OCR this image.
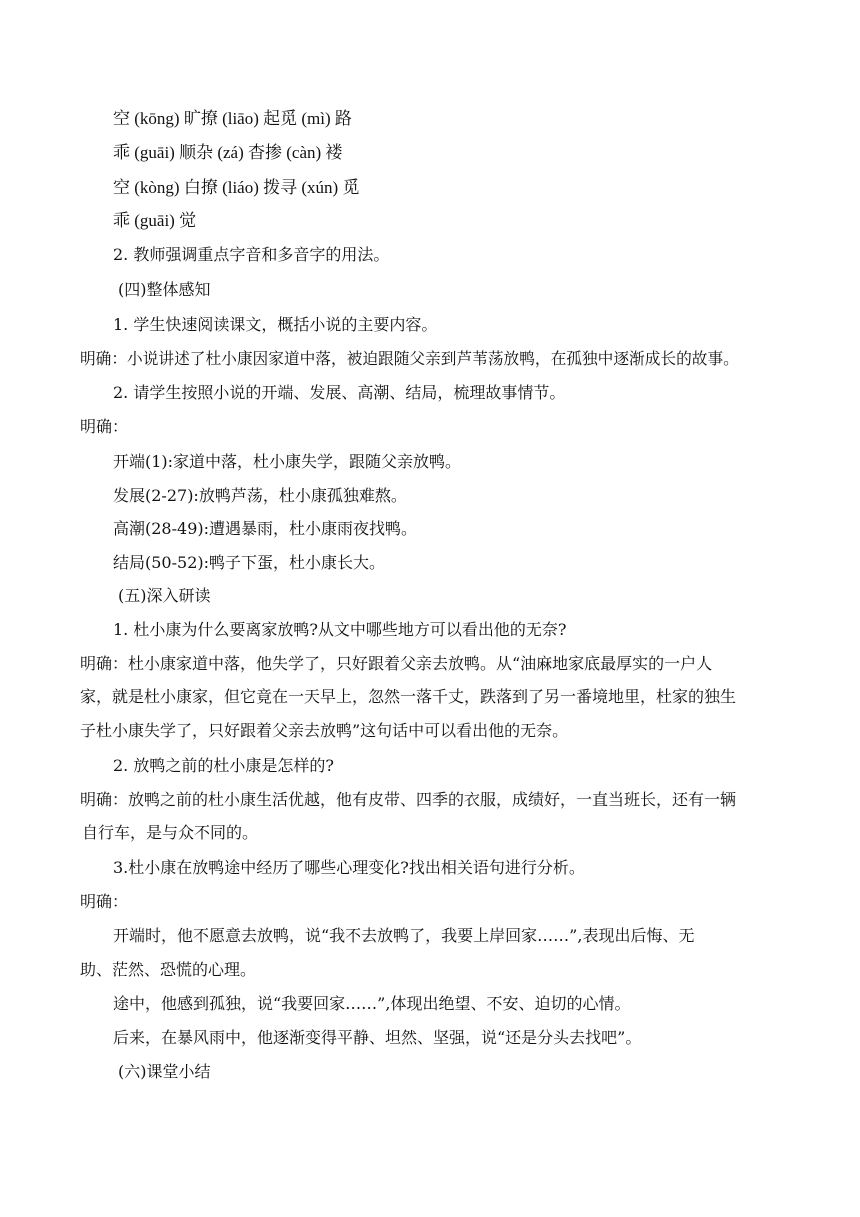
空 (kōng) 旷撩 (liāo) 起觅 (mì) 路
乖 (guāi) 顺杂 (zá) 杳掺 (càn) 褛
空 (kòng) 白撩 (liáo) 拨寻 (xún) 觅
乖 (guāi) 觉
2. 教师强调重点字音和多音字的用法。
(四)整体感知
1. 学生快速阅读课文，概括小说的主要内容。
明确：小说讲述了杜小康因家道中落，被迫跟随父亲到芦苇荡放鸭，在孤独中逐渐成长的故事。
2. 请学生按照小说的开端、发展、高潮、结局，梳理故事情节。
明确：
开端(1):家道中落，杜小康失学，跟随父亲放鸭。
发展(2-27):放鸭芦荡，杜小康孤独难熬。
高潮(28-49):遭遇暴雨，杜小康雨夜找鸭。
结局(50-52):鸭子下蛋，杜小康长大。
(五)深入研读
1. 杜小康为什么要离家放鸭?从文中哪些地方可以看出他的无奈?
明确：杜小康家道中落，他失学了，只好跟着父亲去放鸭。从“油麻地家底最厚实的一户人
家，就是杜小康家，但它竟在一天早上，忽然一落千丈，跌落到了另一番境地里，杜家的独生
子杜小康失学了，只好跟着父亲去放鸭”这句话中可以看出他的无奈。
2. 放鸭之前的杜小康是怎样的?
明确：放鸭之前的杜小康生活优越，他有皮带、四季的衣服，成绩好，一直当班长，还有一辆
自行车，是与众不同的。
3.杜小康在放鸭途中经历了哪些心理变化?找出相关语句进行分析。
明确：
开端时，他不愿意去放鸭，说“我不去放鸭了，我要上岸回家……”,表现出后悔、无
助、茫然、恐慌的心理。
途中，他感到孤独，说“我要回家……”,体现出绝望、不安、迫切的心情。
后来，在暴风雨中，他逐渐变得平静、坦然、坚强，说“还是分头去找吧”。
(六)课堂小结
